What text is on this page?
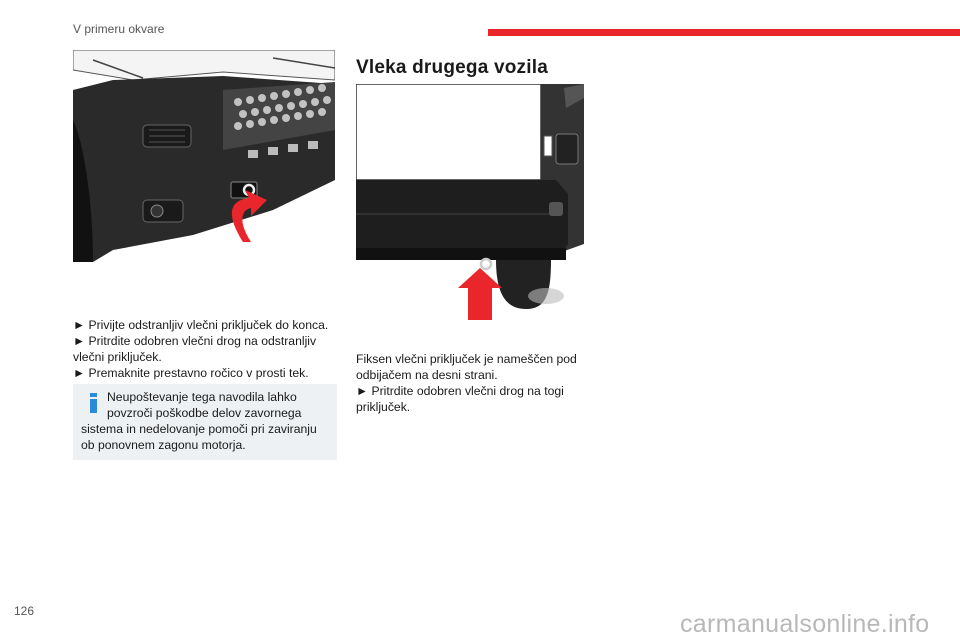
V primeru okvare

► Privijte odstranljiv vlečni priključek do konca.

► Pritrdite odobren vlečni drog na odstranljiv vlečni priključek.

► Premaknite prestavno ročico v prosti tek.

Neupoštevanje tega navodila lahko
povzroči poškodbe delov zavornega
sistema in nedelovanje pomoči pri zaviranju
ob ponovnem zagonu motorja.
Vleka drugega vozila

Fiksen vlečni priključek je nameščen pod odbijačem na desni strani.

► Pritrdite odobren vlečni drog na togi priključek.

126	carmanualsonline.info
